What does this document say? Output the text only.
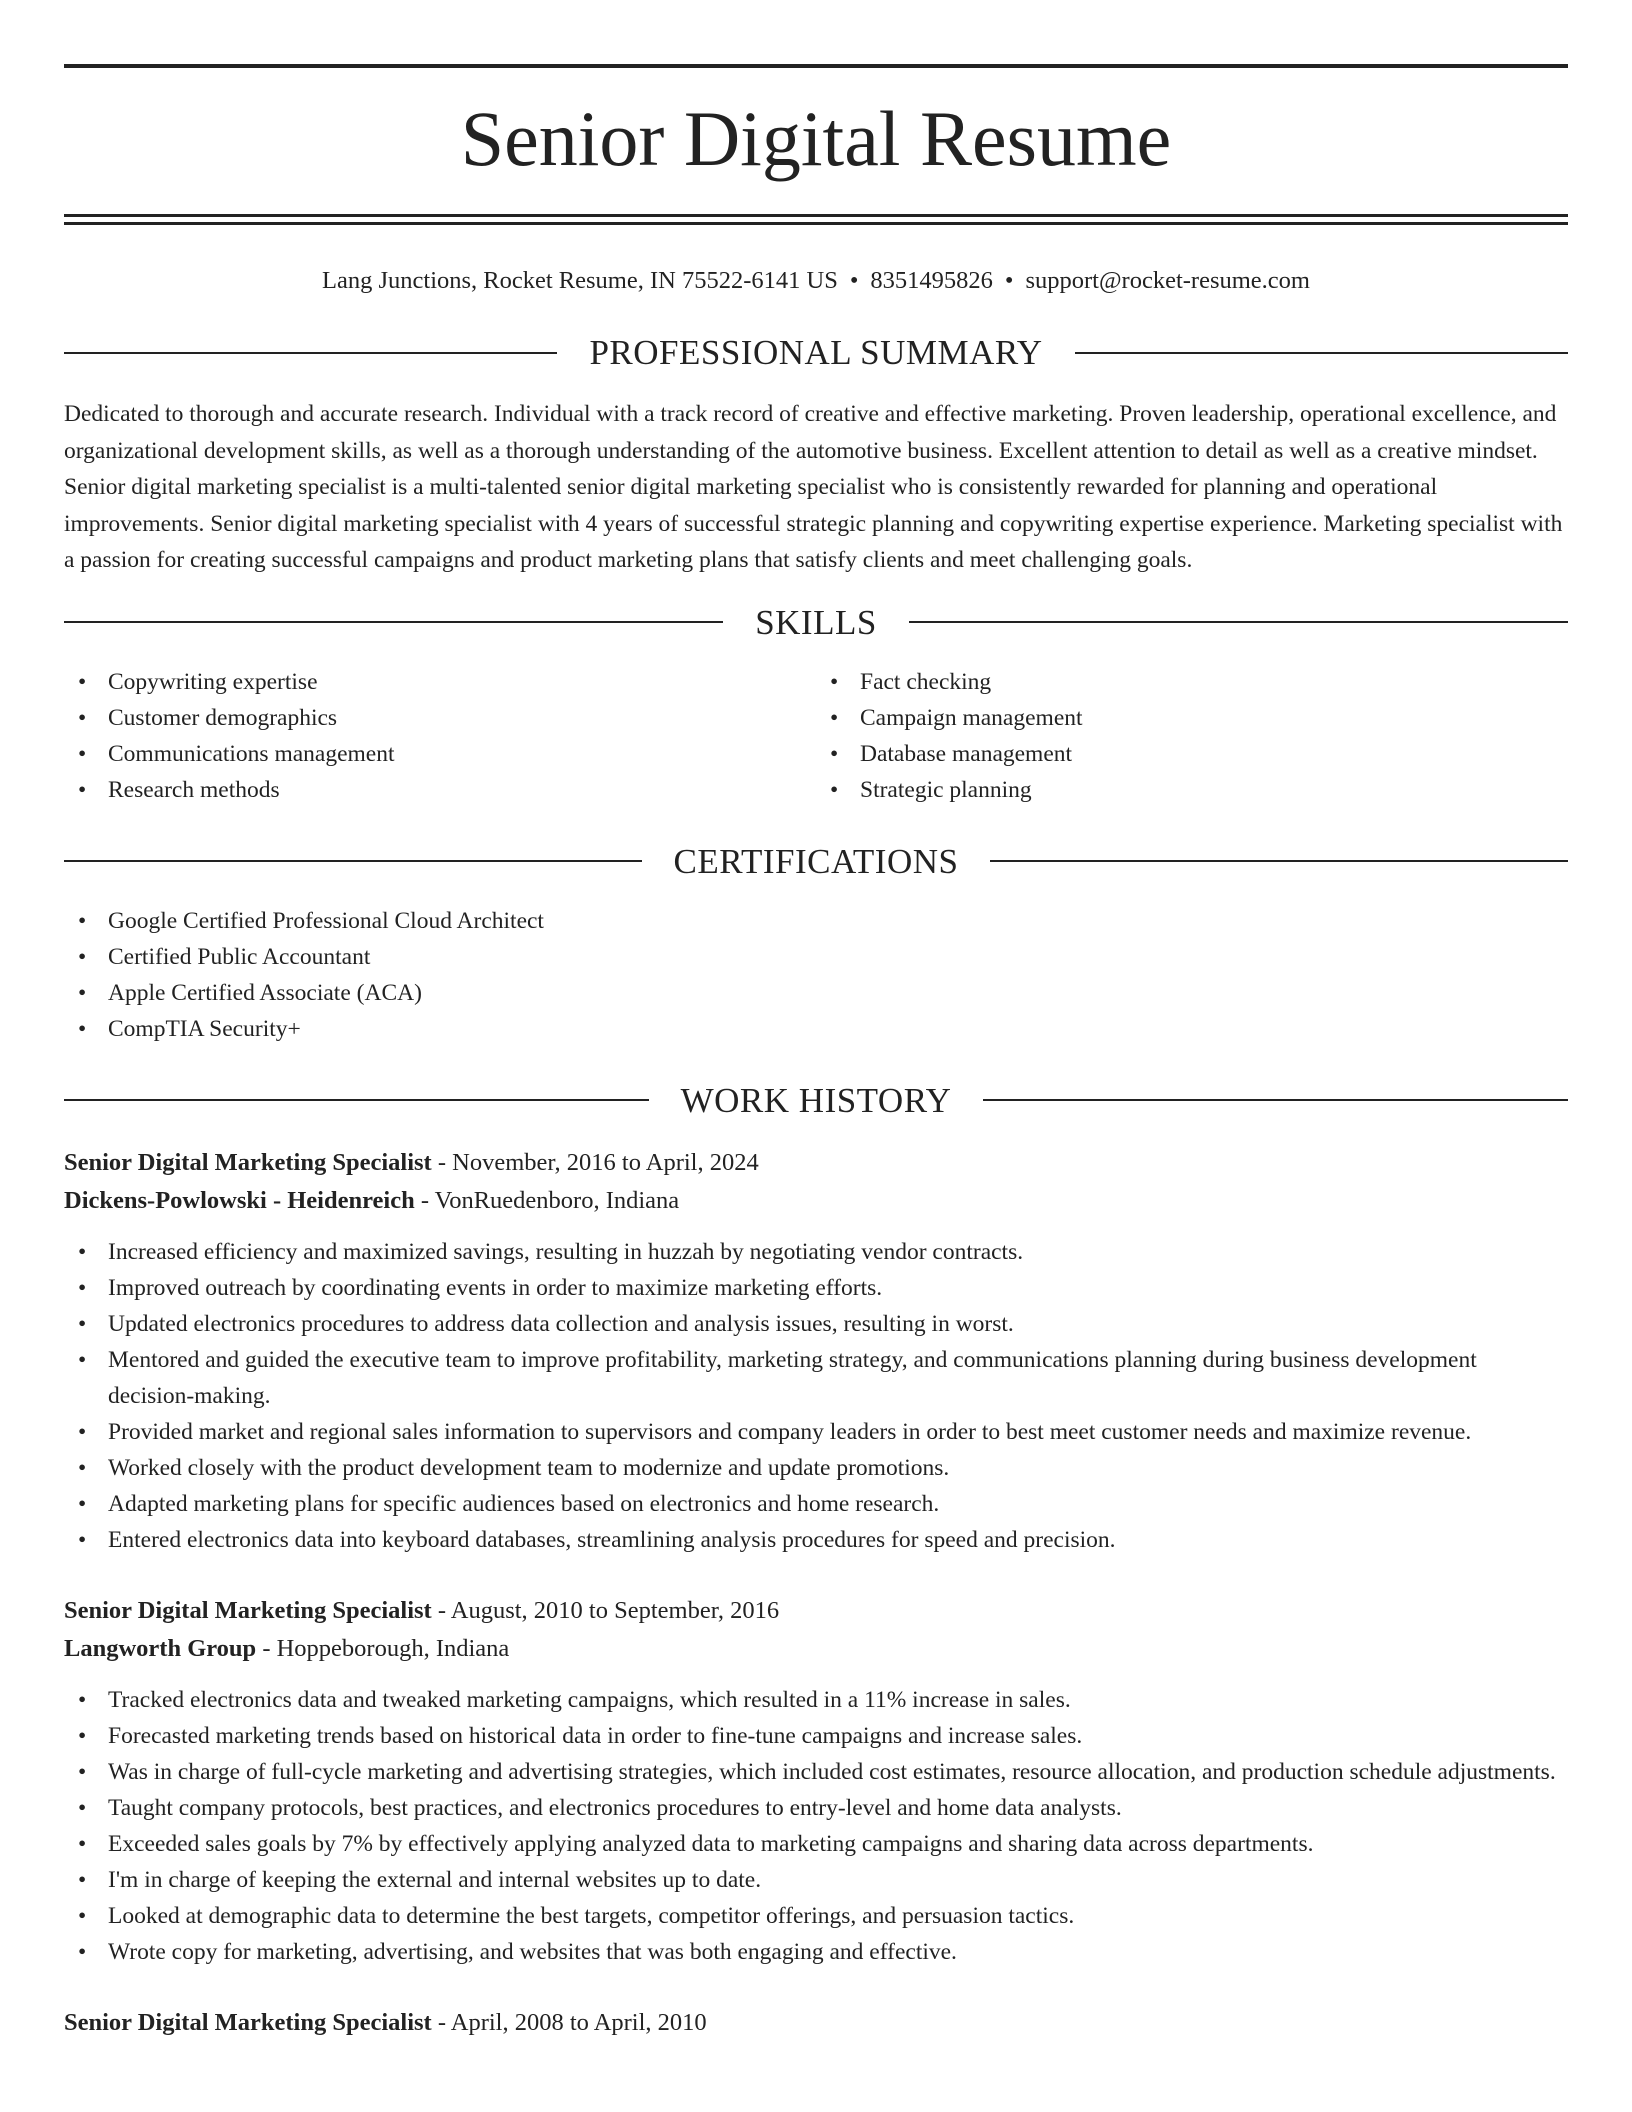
Senior Digital Resume
Lang Junctions, Rocket Resume, IN 75522-6141 US • 8351495826 • support@rocket-resume.com
PROFESSIONAL SUMMARY

Dedicated to thorough and accurate research. Individual with a track record of creative and effective marketing. Proven leadership, operational excellence, and organizational development skills, as well as a thorough understanding of the automotive business. Excellent attention to detail as well as a creative mindset. Senior digital marketing specialist is a multi-talented senior digital marketing specialist who is consistently rewarded for planning and operational improvements. Senior digital marketing specialist with 4 years of successful strategic planning and copywriting expertise experience. Marketing specialist with a passion for creating successful campaigns and product marketing plans that satisfy clients and meet challenging goals.

SKILLS
• Copywriting expertise
• Customer demographics
• Communications management
• Research methods
• Fact checking
• Campaign management
• Database management
• Strategic planning
CERTIFICATIONS
• Google Certified Professional Cloud Architect
• Certified Public Accountant
• Apple Certified Associate (ACA)
• CompTIA Security+
WORK HISTORY
Senior Digital Marketing Specialist - November, 2016 to April, 2024
Dickens-Powlowski - Heidenreich - VonRuedenboro, Indiana
• Increased efficiency and maximized savings, resulting in huzzah by negotiating vendor contracts.
• Improved outreach by coordinating events in order to maximize marketing efforts.
• Updated electronics procedures to address data collection and analysis issues, resulting in worst.
• Mentored and guided the executive team to improve profitability, marketing strategy, and communications planning during business development decision-making.
• Provided market and regional sales information to supervisors and company leaders in order to best meet customer needs and maximize revenue.
• Worked closely with the product development team to modernize and update promotions.
• Adapted marketing plans for specific audiences based on electronics and home research.
• Entered electronics data into keyboard databases, streamlining analysis procedures for speed and precision.
Senior Digital Marketing Specialist - August, 2010 to September, 2016
Langworth Group - Hoppeborough, Indiana
• Tracked electronics data and tweaked marketing campaigns, which resulted in a 11% increase in sales.
• Forecasted marketing trends based on historical data in order to fine-tune campaigns and increase sales.
• Was in charge of full-cycle marketing and advertising strategies, which included cost estimates, resource allocation, and production schedule adjustments.
• Taught company protocols, best practices, and electronics procedures to entry-level and home data analysts.
• Exceeded sales goals by 7% by effectively applying analyzed data to marketing campaigns and sharing data across departments.
• I'm in charge of keeping the external and internal websites up to date.
• Looked at demographic data to determine the best targets, competitor offerings, and persuasion tactics.
• Wrote copy for marketing, advertising, and websites that was both engaging and effective.
Senior Digital Marketing Specialist - April, 2008 to April, 2010
